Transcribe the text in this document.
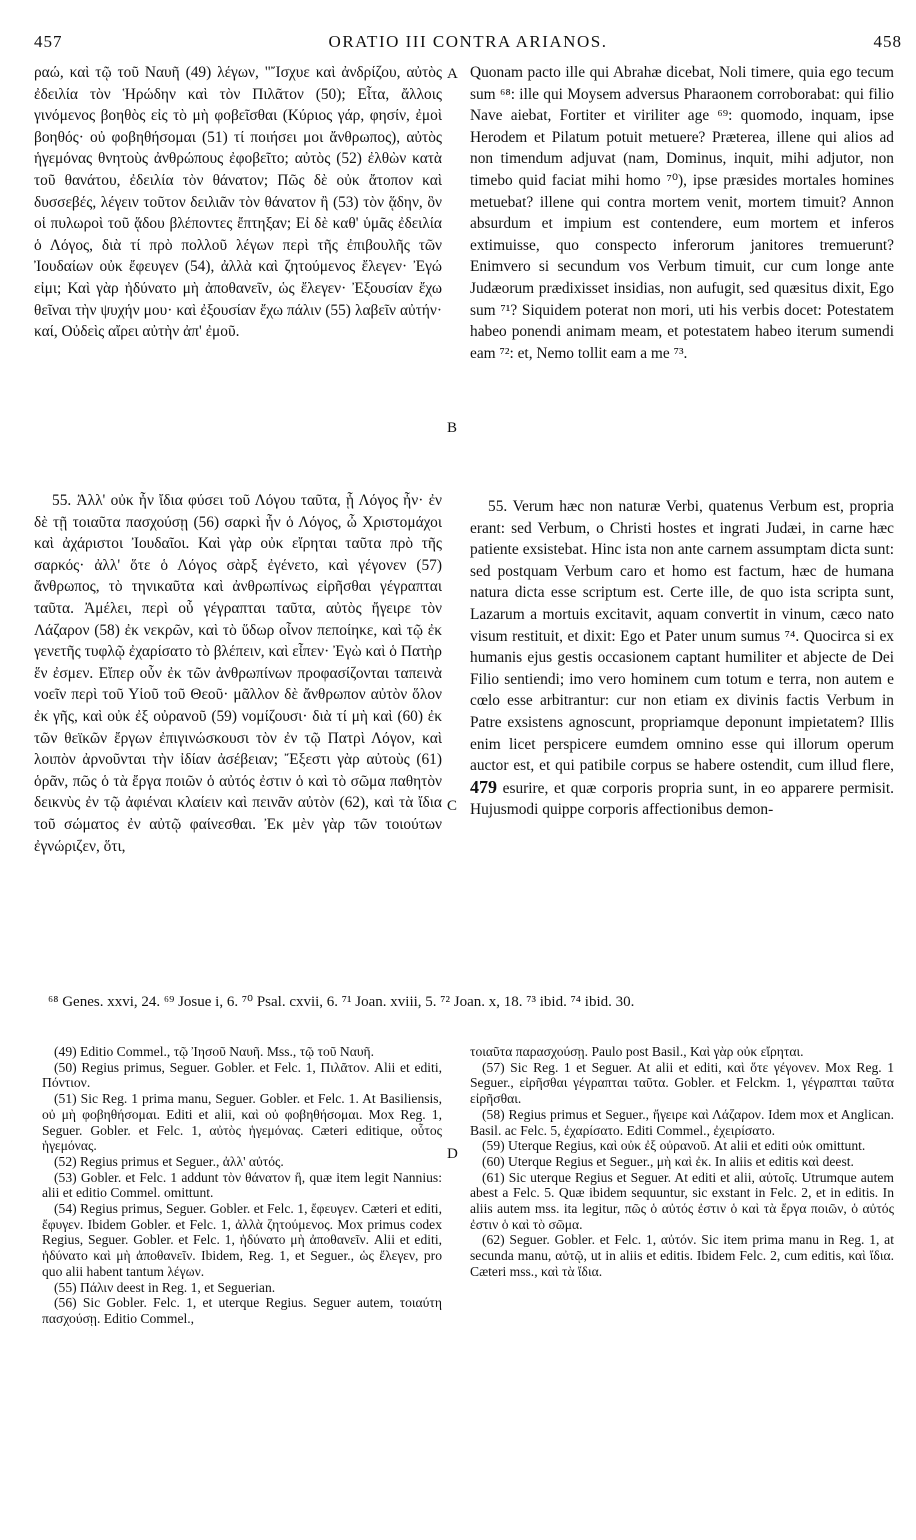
457	ORATIO III CONTRA ARIANOS.	458

ραώ, καὶ τῷ τοῦ Ναυῆ (49) λέγων, "Ἴσχυε καὶ ἀνδρίζου, αὐτὸς ἐδειλία τὸν Ἡρώδην καὶ τὸν Πιλᾶτον (50); Εἶτα, ἄλλοις γινόμενος βοηθὸς εἰς τὸ μὴ φοβεῖσθαι (Κύριος γάρ, φησίν, ἐμοὶ βοηθός· οὐ φοβηθήσομαι (51) τί ποιήσει μοι ἄνθρωπος), αὐτὸς ἡγεμόνας θνητοὺς ἀνθρώπους ἐφοβεῖτο; αὐτὸς (52) ἐλθὼν κατὰ τοῦ θανάτου, ἐδειλία τὸν θάνατον; Πῶς δὲ οὐκ ἄτοπον καὶ δυσσεβές, λέγειν τοῦτον δειλιᾶν τὸν θάνατον ἢ (53) τὸν ᾅδην, ὃν οἱ πυλωροὶ τοῦ ᾅδου βλέποντες ἔπτηξαν; Εἰ δὲ καθ' ὑμᾶς ἐδειλία ὁ Λόγος, διὰ τί πρὸ πολλοῦ λέγων περὶ τῆς ἐπιβουλῆς τῶν Ἰουδαίων οὐκ ἔφευγεν (54), ἀλλὰ καὶ ζητούμενος ἔλεγεν· Ἐγώ εἰμι; Καὶ γὰρ ἠδύνατο μὴ ἀποθανεῖν, ὡς ἔλεγεν· Ἐξουσίαν ἔχω θεῖναι τὴν ψυχήν μου· καὶ ἐξουσίαν ἔχω πάλιν (55) λαβεῖν αὐτήν· καί, Οὐδεὶς αἴρει αὐτὴν ἀπ' ἐμοῦ.

55. Ἀλλ' οὐκ ἦν ἴδια φύσει τοῦ Λόγου ταῦτα, ᾗ Λόγος ἦν· ἐν δὲ τῇ τοιαῦτα πασχούσῃ (56) σαρκὶ ἦν ὁ Λόγος, ὦ Χριστομάχοι καὶ ἀχάριστοι Ἰουδαῖοι. Καὶ γὰρ οὐκ εἴρηται ταῦτα πρὸ τῆς σαρκός· ἀλλ' ὅτε ὁ Λόγος σὰρξ ἐγένετο, καὶ γέγονεν (57) ἄνθρωπος, τὸ τηνικαῦτα καὶ ἀνθρωπίνως εἰρῆσθαι γέγραπται ταῦτα. Ἀμέλει, περὶ οὗ γέγραπται ταῦτα, αὐτὸς ἤγειρε τὸν Λάζαρον (58) ἐκ νεκρῶν, καὶ τὸ ὕδωρ οἶνον πεποίηκε, καὶ τῷ ἐκ γενετῆς τυφλῷ ἐχαρίσατο τὸ βλέπειν, καὶ εἶπεν· Ἐγὼ καὶ ὁ Πατὴρ ἕν ἐσμεν. Εἴπερ οὖν ἐκ τῶν ἀνθρωπίνων προφασίζονται ταπεινὰ νοεῖν περὶ τοῦ Υἱοῦ τοῦ Θεοῦ· μᾶλλον δὲ ἄνθρωπον αὐτὸν ὅλον ἐκ γῆς, καὶ οὐκ ἐξ οὐρανοῦ (59) νομίζουσι· διὰ τί μὴ καὶ (60) ἐκ τῶν θεϊκῶν ἔργων ἐπιγινώσκουσι τὸν ἐν τῷ Πατρὶ Λόγον, καὶ λοιπὸν ἀρνοῦνται τὴν ἰδίαν ἀσέβειαν; Ἔξεστι γὰρ αὐτοὺς (61) ὁρᾶν, πῶς ὁ τὰ ἔργα ποιῶν ὁ αὐτός ἐστιν ὁ καὶ τὸ σῶμα παθητὸν δεικνὺς ἐν τῷ ἀφιέναι κλαίειν καὶ πεινᾶν αὐτὸν (62), καὶ τὰ ἴδια τοῦ σώματος ἐν αὐτῷ φαίνεσθαι. Ἐκ μὲν γὰρ τῶν τοιούτων ἐγνώριζεν, ὅτι,

A
B
C
D

Quonam pacto ille qui Abrahæ dicebat, Noli timere, quia ego tecum sum ⁶⁸: ille qui Moysem adversus Pharaonem corroborabat: qui filio Nave aiebat, Fortiter et viriliter age ⁶⁹: quomodo, inquam, ipse Herodem et Pilatum potuit metuere? Præterea, illene qui alios ad non timendum adjuvat (nam, Dominus, inquit, mihi adjutor, non timebo quid faciat mihi homo ⁷⁰), ipse præsides mortales homines metuebat? illene qui contra mortem venit, mortem timuit? Annon absurdum et impium est contendere, eum mortem et inferos extimuisse, quo conspecto inferorum janitores tremuerunt? Enimvero si secundum vos Verbum timuit, cur cum longe ante Judæorum prædixisset insidias, non aufugit, sed quæsitus dixit, Ego sum ⁷¹? Siquidem poterat non mori, uti his verbis docet: Potestatem habeo ponendi animam meam, et potestatem habeo iterum sumendi eam ⁷²: et, Nemo tollit eam a me ⁷³.

55. Verum hæc non naturæ Verbi, quatenus Verbum est, propria erant: sed Verbum, o Christi hostes et ingrati Judæi, in carne hæc patiente exsistebat. Hinc ista non ante carnem assumptam dicta sunt: sed postquam Verbum caro et homo est factum, hæc de humana natura dicta esse scriptum est. Certe ille, de quo ista scripta sunt, Lazarum a mortuis excitavit, aquam convertit in vinum, cæco nato visum restituit, et dixit: Ego et Pater unum sumus ⁷⁴. Quocirca si ex humanis ejus gestis occasionem captant humiliter et abjecte de Dei Filio sentiendi; imo vero hominem cum totum e terra, non autem e cœlo esse arbitrantur: cur non etiam ex divinis factis Verbum in Patre exsistens agnoscunt, propriamque deponunt impietatem? Illis enim licet perspicere eumdem omnino esse qui illorum operum auctor est, et qui patibile corpus se habere ostendit, cum illud flere, 479 esurire, et quæ corporis propria sunt, in eo apparere permisit. Hujusmodi quippe corporis affectionibus demon-

⁶⁸ Genes. xxvi, 24. ⁶⁹ Josue i, 6. ⁷⁰ Psal. cxvii, 6. ⁷¹ Joan. xviii, 5. ⁷² Joan. x, 18. ⁷³ ibid. ⁷⁴ ibid. 30.

(49) Editio Commel., τῷ Ἰησοῦ Ναυῆ. Mss., τῷ τοῦ Ναυῆ.

(50) Regius primus, Seguer. Gobler. et Felc. 1, Πιλᾶτον. Alii et editi, Πόντιον.

(51) Sic Reg. 1 prima manu, Seguer. Gobler. et Felc. 1. At Basiliensis, οὐ μὴ φοβηθήσομαι. Editi et alii, καὶ οὐ φοβηθήσομαι. Mox Reg. 1, Seguer. Gobler. et Felc. 1, αὐτὸς ἡγεμόνας. Cæteri editique, οὗτος ἡγεμόνας.

(52) Regius primus et Seguer., ἀλλ' αὐτός.

(53) Gobler. et Felc. 1 addunt τὸν θάνατον ἢ, quæ item legit Nannius: alii et editio Commel. omittunt.

(54) Regius primus, Seguer. Gobler. et Felc. 1, ἔφευγεν. Cæteri et editi, ἔφυγεν. Ibidem Gobler. et Felc. 1, ἀλλὰ ζητούμενος. Mox primus codex Regius, Seguer. Gobler. et Felc. 1, ἠδύνατο μὴ ἀποθανεῖν. Alii et editi, ἠδύνατο καὶ μὴ ἀποθανεῖν. Ibidem, Reg. 1, et Seguer., ὡς ἔλεγεν, pro quo alii habent tantum λέγων.

(55) Πάλιν deest in Reg. 1, et Seguerian.

(56) Sic Gobler. Felc. 1, et uterque Regius. Seguer autem, τοιαύτη πασχούσῃ. Editio Commel.,

τοιαῦτα παρασχούσῃ. Paulo post Basil., Καὶ γὰρ οὐκ εἴρηται.

(57) Sic Reg. 1 et Seguer. At alii et editi, καὶ ὅτε γέγονεν. Mox Reg. 1 Seguer., εἰρῆσθαι γέγραπται ταῦτα. Gobler. et Felckm. 1, γέγραπται ταῦτα εἰρῆσθαι.

(58) Regius primus et Seguer., ἤγειρε καὶ Λάζαρον. Idem mox et Anglican. Basil. ac Felc. 5, ἐχαρίσατο. Editi Commel., ἐχειρίσατο.

(59) Uterque Regius, καὶ οὐκ ἐξ οὐρανοῦ. At alii et editi οὐκ omittunt.

(60) Uterque Regius et Seguer., μὴ καὶ ἐκ. In aliis et editis καὶ deest.

(61) Sic uterque Regius et Seguer. At editi et alii, αὐτοῖς. Utrumque autem abest a Felc. 5. Quæ ibidem sequuntur, sic exstant in Felc. 2, et in editis. In aliis autem mss. ita legitur, πῶς ὁ αὐτός ἐστιν ὁ καὶ τὰ ἔργα ποιῶν, ὁ αὐτός ἐστιν ὁ καὶ τὸ σῶμα.

(62) Seguer. Gobler. et Felc. 1, αὐτόν. Sic item prima manu in Reg. 1, at secunda manu, αὐτῷ, ut in aliis et editis. Ibidem Felc. 2, cum editis, καὶ ἴδια. Cæteri mss., καὶ τὰ ἴδια.
